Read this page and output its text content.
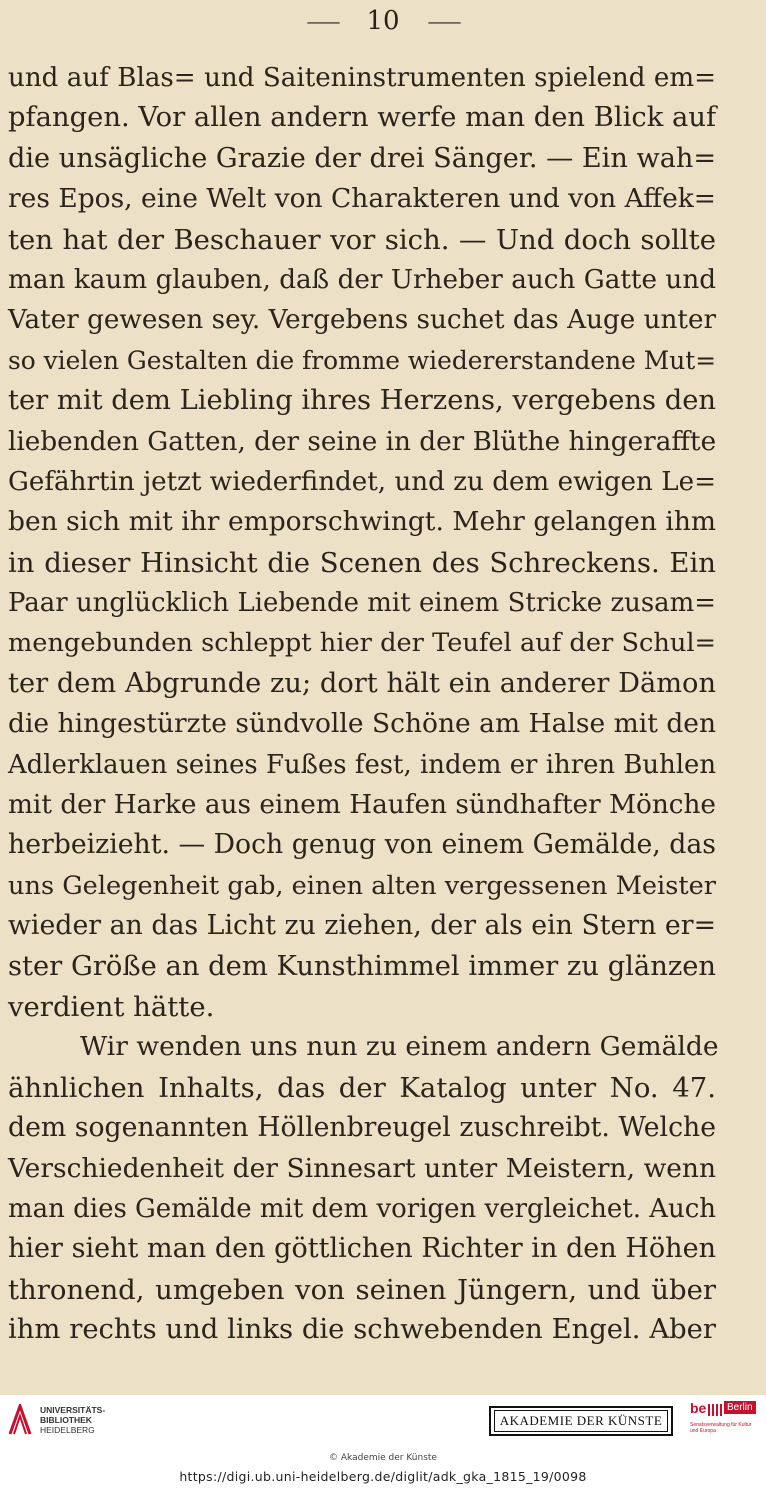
—— 10 ——
und auf Blas= und Saiteninstrumenten spielend em=
pfangen. Vor allen andern werfe man den Blick auf
die unsägliche Grazie der drei Sänger. — Ein wah=
res Epos, eine Welt von Charakteren und von Affek=
ten hat der Beschauer vor sich. — Und doch sollte
man kaum glauben, daß der Urheber auch Gatte und
Vater gewesen sey. Vergebens suchet das Auge unter
so vielen Gestalten die fromme wiedererstandene Mut=
ter mit dem Liebling ihres Herzens, vergebens den
liebenden Gatten, der seine in der Blüthe hingeraffte
Gefährtin jetzt wiederfindet, und zu dem ewigen Le=
ben sich mit ihr emporschwingt. Mehr gelangen ihm
in dieser Hinsicht die Scenen des Schreckens. Ein
Paar unglücklich Liebende mit einem Stricke zusam=
mengebunden schleppt hier der Teufel auf der Schul=
ter dem Abgrunde zu; dort hält ein anderer Dämon
die hingestürzte sündvolle Schöne am Halse mit den
Adlerklauen seines Fußes fest, indem er ihren Buhlen
mit der Harke aus einem Haufen sündhafter Mönche
herbeizieht. — Doch genug von einem Gemälde, das
uns Gelegenheit gab, einen alten vergessenen Meister
wieder an das Licht zu ziehen, der als ein Stern er=
ster Größe an dem Kunsthimmel immer zu glänzen
verdient hätte.
Wir wenden uns nun zu einem andern Gemälde
ähnlichen Inhalts, das der Katalog unter No. 47.
dem sogenannten Höllenbreugel zuschreibt. Welche
Verschiedenheit der Sinnesart unter Meistern, wenn
man dies Gemälde mit dem vorigen vergleichet. Auch
hier sieht man den göttlichen Richter in den Höhen
thronend, umgeben von seinen Jüngern, und über
ihm rechts und links die schwebenden Engel. Aber
UNIVERSITÄTS-
BIBLIOTHEK
HEIDELBERG
AKADEMIE DER KÜNSTE
be	Berlin
Senatsverwaltung für Kultur und Europa
© Akademie der Künste
https://digi.ub.uni-heidelberg.de/diglit/adk_gka_1815_19/0098
